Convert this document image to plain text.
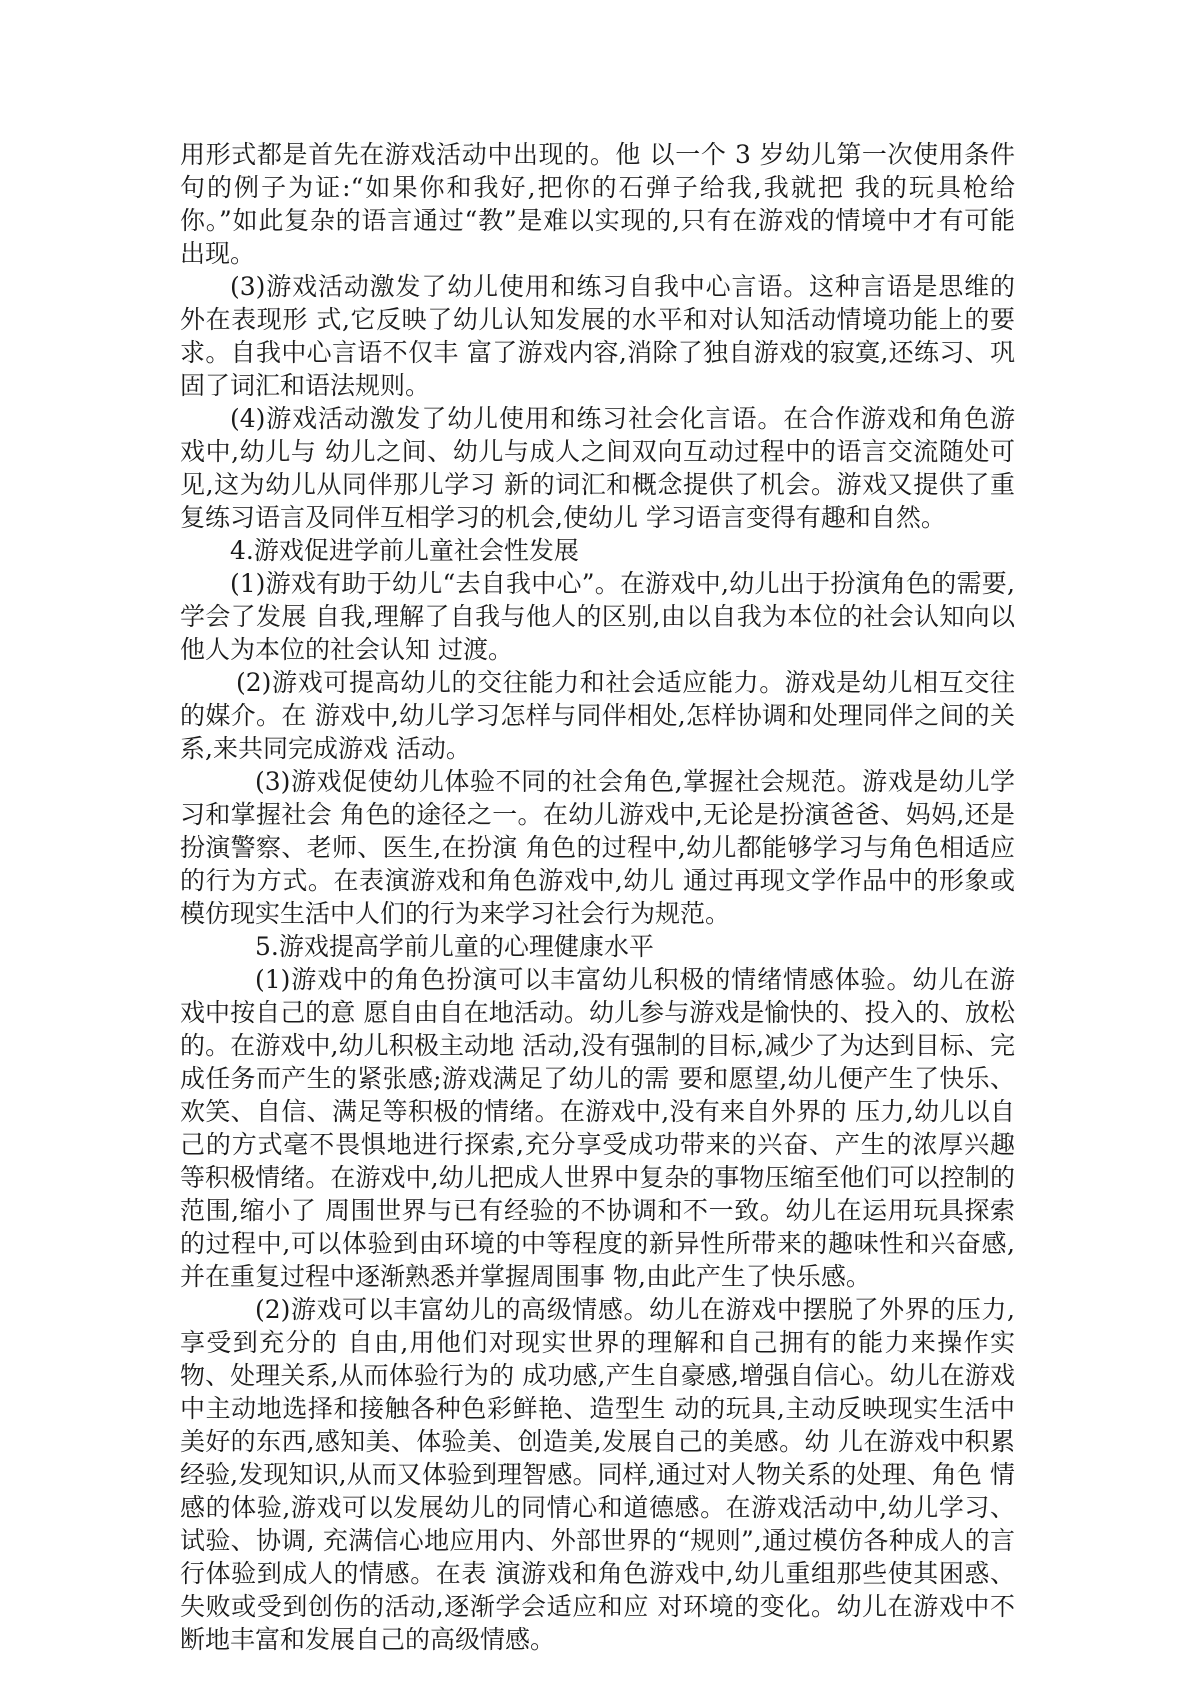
用形式都是首先在游戏活动中出现的。他 以一个 3 岁幼儿第一次使用条件句的例子为证:“如果你和我好,把你的石弹子给我,我就把 我的玩具枪给你。”如此复杂的语言通过“教”是难以实现的,只有在游戏的情境中才有可能 出现。

(3)游戏活动激发了幼儿使用和练习自我中心言语。这种言语是思维的外在表现形 式,它反映了幼儿认知发展的水平和对认知活动情境功能上的要求。自我中心言语不仅丰 富了游戏内容,消除了独自游戏的寂寞,还练习、巩固了词汇和语法规则。

(4)游戏活动激发了幼儿使用和练习社会化言语。在合作游戏和角色游戏中,幼儿与 幼儿之间、幼儿与成人之间双向互动过程中的语言交流随处可见,这为幼儿从同伴那儿学习 新的词汇和概念提供了机会。游戏又提供了重复练习语言及同伴互相学习的机会,使幼儿 学习语言变得有趣和自然。

4.游戏促进学前儿童社会性发展

(1)游戏有助于幼儿“去自我中心”。在游戏中,幼儿出于扮演角色的需要,学会了发展 自我,理解了自我与他人的区别,由以自我为本位的社会认知向以他人为本位的社会认知 过渡。

(2)游戏可提高幼儿的交往能力和社会适应能力。游戏是幼儿相互交往的媒介。在 游戏中,幼儿学习怎样与同伴相处,怎样协调和处理同伴之间的关系,来共同完成游戏 活动。

(3)游戏促使幼儿体验不同的社会角色,掌握社会规范。游戏是幼儿学习和掌握社会 角色的途径之一。在幼儿游戏中,无论是扮演爸爸、妈妈,还是扮演警察、老师、医生,在扮演 角色的过程中,幼儿都能够学习与角色相适应的行为方式。在表演游戏和角色游戏中,幼儿 通过再现文学作品中的形象或模仿现实生活中人们的行为来学习社会行为规范。

5.游戏提高学前儿童的心理健康水平

(1)游戏中的角色扮演可以丰富幼儿积极的情绪情感体验。幼儿在游戏中按自己的意 愿自由自在地活动。幼儿参与游戏是愉快的、投入的、放松的。在游戏中,幼儿积极主动地 活动,没有强制的目标,减少了为达到目标、完成任务而产生的紧张感;游戏满足了幼儿的需 要和愿望,幼儿便产生了快乐、欢笑、自信、满足等积极的情绪。在游戏中,没有来自外界的 压力,幼儿以自己的方式毫不畏惧地进行探索,充分享受成功带来的兴奋、产生的浓厚兴趣 等积极情绪。在游戏中,幼儿把成人世界中复杂的事物压缩至他们可以控制的范围,缩小了 周围世界与已有经验的不协调和不一致。幼儿在运用玩具探索的过程中,可以体验到由环境的中等程度的新异性所带来的趣味性和兴奋感,并在重复过程中逐渐熟悉并掌握周围事 物,由此产生了快乐感。

(2)游戏可以丰富幼儿的高级情感。幼儿在游戏中摆脱了外界的压力,享受到充分的 自由,用他们对现实世界的理解和自己拥有的能力来操作实物、处理关系,从而体验行为的 成功感,产生自豪感,增强自信心。幼儿在游戏中主动地选择和接触各种色彩鲜艳、造型生 动的玩具,主动反映现实生活中美好的东西,感知美、体验美、创造美,发展自己的美感。幼 儿在游戏中积累经验,发现知识,从而又体验到理智感。同样,通过对人物关系的处理、角色 情感的体验,游戏可以发展幼儿的同情心和道德感。在游戏活动中,幼儿学习、试验、协调, 充满信心地应用内、外部世界的“规则”,通过模仿各种成人的言行体验到成人的情感。在表 演游戏和角色游戏中,幼儿重组那些使其困惑、失败或受到创伤的活动,逐渐学会适应和应 对环境的变化。幼儿在游戏中不断地丰富和发展自己的高级情感。
